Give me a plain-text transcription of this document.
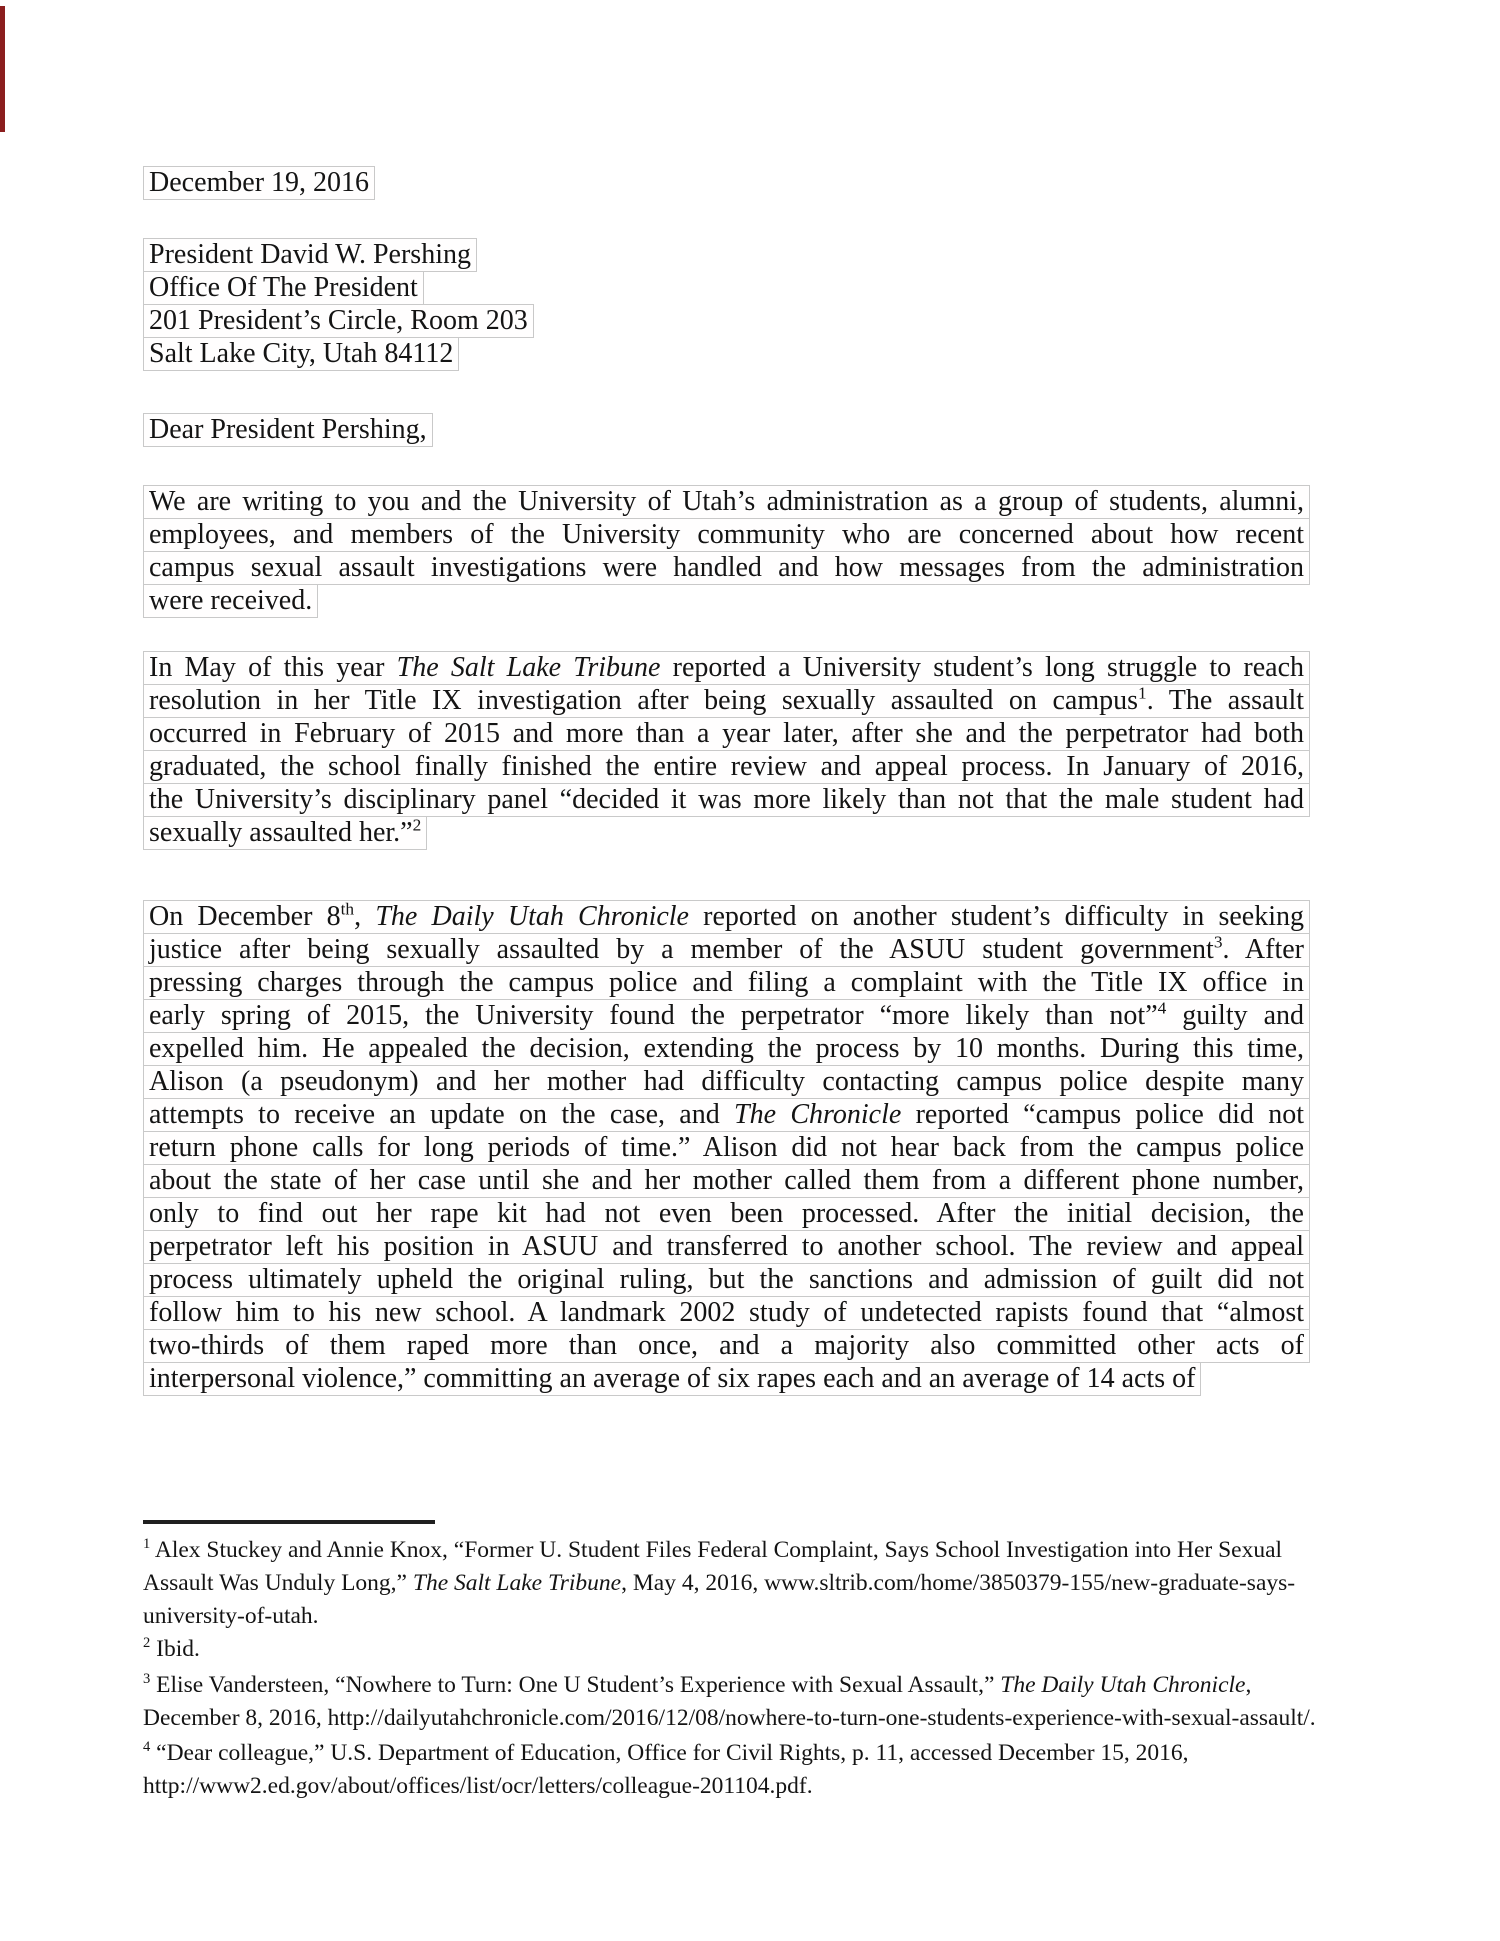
December 19, 2016
President David W. Pershing
Office Of The President
201 President’s Circle, Room 203
Salt Lake City, Utah 84112
Dear President Pershing,
We are writing to you and the University of Utah’s administration as a group of students, alumni,
employees, and members of the University community who are concerned about how recent
campus sexual assault investigations were handled and how messages from the administration
were received.
In May of this year The Salt Lake Tribune reported a University student’s long struggle to reach
resolution in her Title IX investigation after being sexually assaulted on campus$^1$. The assault
occurred in February of 2015 and more than a year later, after she and the perpetrator had both
graduated, the school finally finished the entire review and appeal process. In January of 2016,
the University’s disciplinary panel “decided it was more likely than not that the male student had
sexually assaulted her.”$^2$
On December 8th, The Daily Utah Chronicle reported on another student’s difficulty in seeking
justice after being sexually assaulted by a member of the ASUU student government$^3$. After
pressing charges through the campus police and filing a complaint with the Title IX office in
early spring of 2015, the University found the perpetrator “more likely than not”$^4$ guilty and
expelled him. He appealed the decision, extending the process by 10 months. During this time,
Alison (a pseudonym) and her mother had difficulty contacting campus police despite many
attempts to receive an update on the case, and The Chronicle reported “campus police did not
return phone calls for long periods of time.” Alison did not hear back from the campus police
about the state of her case until she and her mother called them from a different phone number,
only to find out her rape kit had not even been processed. After the initial decision, the
perpetrator left his position in ASUU and transferred to another school. The review and appeal
process ultimately upheld the original ruling, but the sanctions and admission of guilt did not
follow him to his new school. A landmark 2002 study of undetected rapists found that “almost
two-thirds of them raped more than once, and a majority also committed other acts of
interpersonal violence,” committing an average of six rapes each and an average of 14 acts of
$^1$ Alex Stuckey and Annie Knox, “Former U. Student Files Federal Complaint, Says School Investigation into Her Sexual
Assault Was Unduly Long,” The Salt Lake Tribune, May 4, 2016, www.sltrib.com/home/3850379-155/new-graduate-says-
university-of-utah.
$^2$ Ibid.
$^3$ Elise Vandersteen, “Nowhere to Turn: One U Student’s Experience with Sexual Assault,” The Daily Utah Chronicle,
December 8, 2016, http://dailyutahchronicle.com/2016/12/08/nowhere-to-turn-one-students-experience-with-sexual-assault/.
$^4$ “Dear colleague,” U.S. Department of Education, Office for Civil Rights, p. 11, accessed December 15, 2016,
http://www2.ed.gov/about/offices/list/ocr/letters/colleague-201104.pdf.
